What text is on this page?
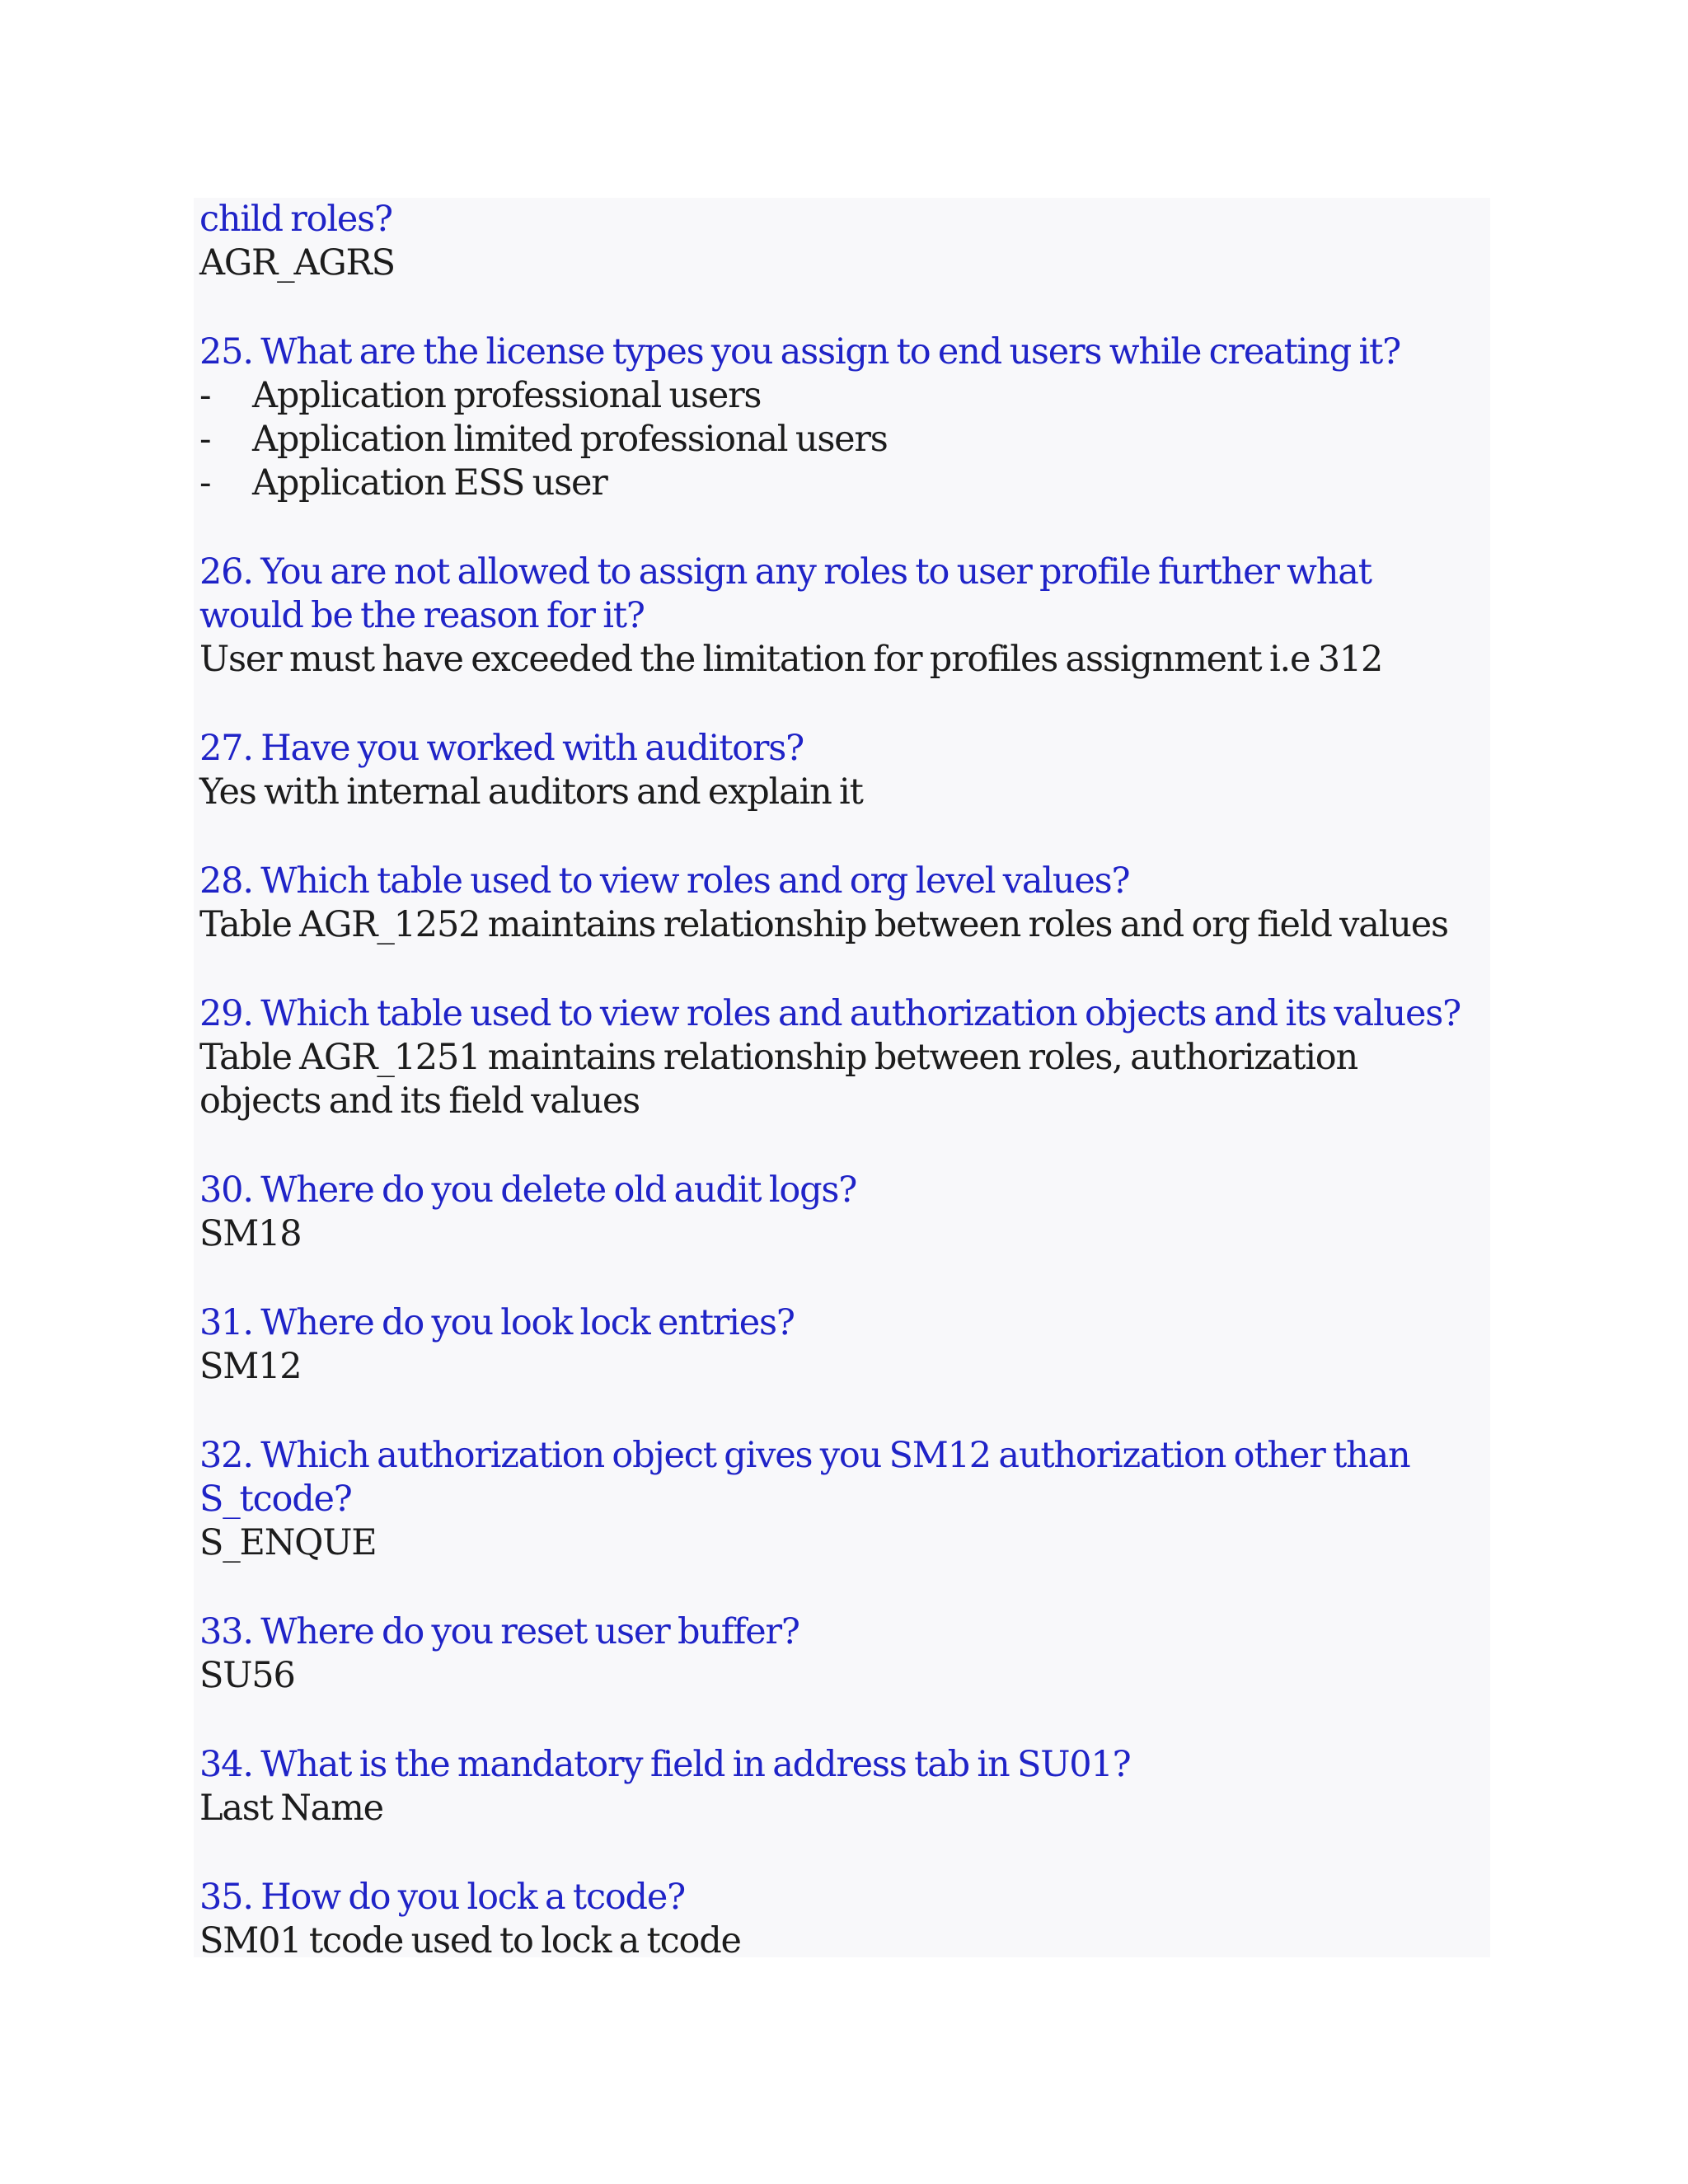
child roles?
AGR_AGRS
25. What are the license types you assign to end users while creating it?
-	Application professional users
-	Application limited professional users
-	Application ESS user
26. You are not allowed to assign any roles to user profile further what
would be the reason for it?
User must have exceeded the limitation for profiles assignment i.e 312
27. Have you worked with auditors?
Yes with internal auditors and explain it
28. Which table used to view roles and org level values?
Table AGR_1252 maintains relationship between roles and org field values
29. Which table used to view roles and authorization objects and its values?
Table AGR_1251 maintains relationship between roles, authorization
objects and its field values
30. Where do you delete old audit logs?
SM18
31. Where do you look lock entries?
SM12
32. Which authorization object gives you SM12 authorization other than
S_tcode?
S_ENQUE
33. Where do you reset user buffer?
SU56
34. What is the mandatory field in address tab in SU01?
Last Name
35. How do you lock a tcode?
SM01 tcode used to lock a tcode
